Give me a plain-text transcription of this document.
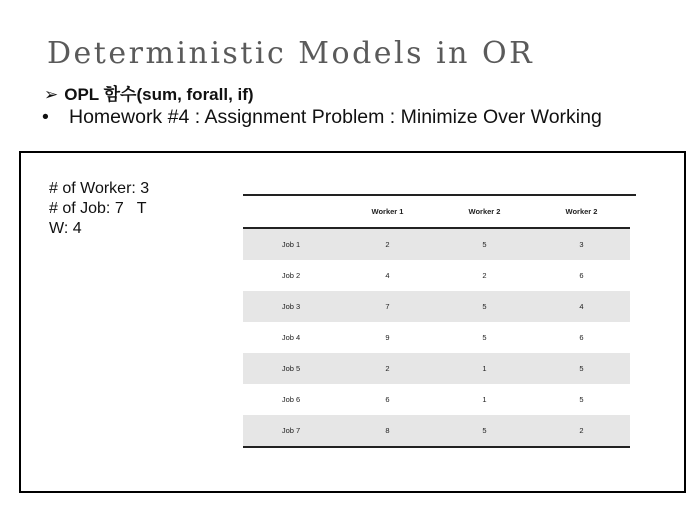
Deterministic Models in OR
➢ OPL 함수(sum, forall, if)
• Homework #4 : Assignment Problem : Minimize Over Working
# of Worker: 3
# of Job: 7   T
W: 4
	Worker 1	Worker 2	Worker 2
Job 1	2	5	3
Job 2	4	2	6
Job 3	7	5	4
Job 4	9	5	6
Job 5	2	1	5
Job 6	6	1	5
Job 7	8	5	2
